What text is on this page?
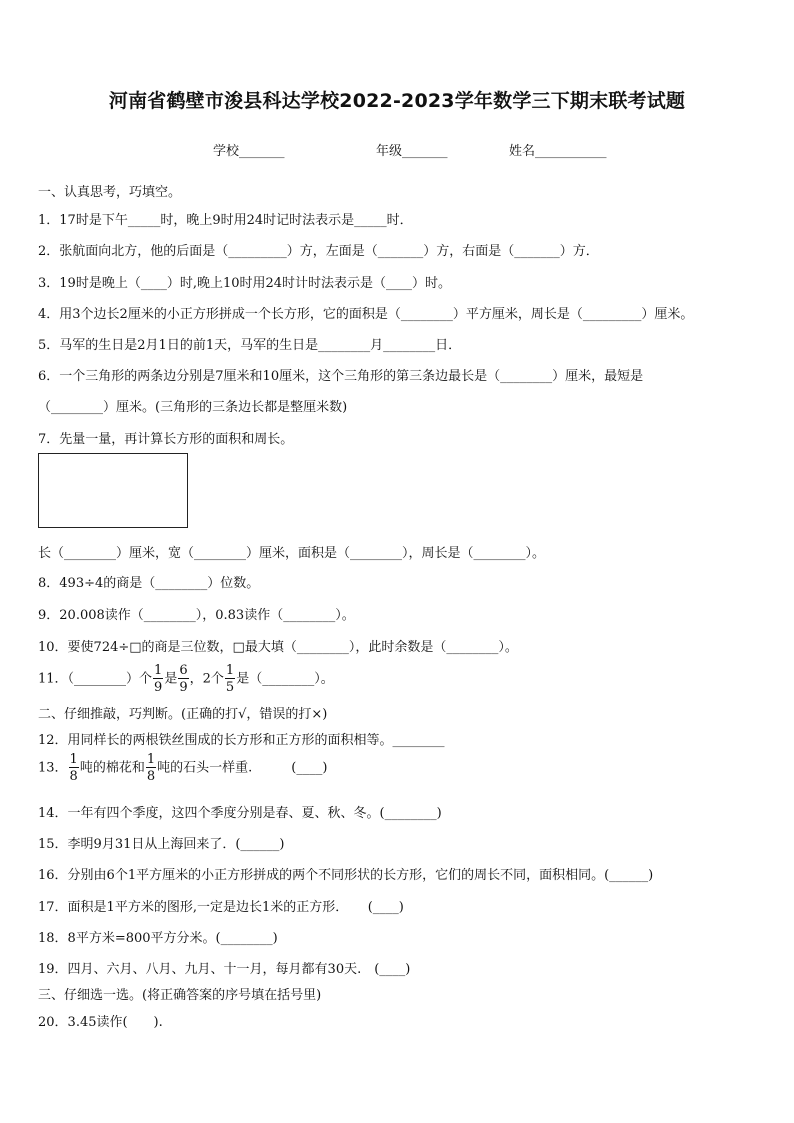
河南省鹤壁市浚县科达学校2022-2023学年数学三下期末联考试题
学校_______	年级_______	姓名___________
一、认真思考，巧填空。
1．17时是下午_____时，晚上9时用24时记时法表示是_____时．
2．张航面向北方，他的后面是（_________）方，左面是（_______）方，右面是（_______）方．
3．19时是晚上（____）时,晚上10时用24时计时法表示是（____）时。
4．用3个边长2厘米的小正方形拼成一个长方形，它的面积是（________）平方厘米，周长是（_________）厘米。
5．马军的生日是2月1日的前1天，马军的生日是________月________日．
6．一个三角形的两条边分别是7厘米和10厘米，这个三角形的第三条边最长是（________）厘米，最短是
（________）厘米。(三角形的三条边长都是整厘米数)
7．先量一量，再计算长方形的面积和周长。
长（________）厘米，宽（________）厘米，面积是（________），周长是（________）。
8．493÷4的商是（________）位数。
9．20.008读作（________），0.83读作（________）。
10．要使724÷□的商是三位数，□最大填（________），此时余数是（________）。
11．（________）个 $\frac{1}{9}$ 是 $\frac{6}{9}$ ，2个 $\frac{1}{5}$ 是（________）。
二、仔细推敲，巧判断。(正确的打√，错误的打×)
12．用同样长的两根铁丝围成的长方形和正方形的面积相等。________
13． $\frac{1}{8}$ 吨的棉花和 $\frac{1}{8}$ 吨的石头一样重.　　　(____)
14．一年有四个季度，这四个季度分别是春、夏、秋、冬。(________)
15．李明9月31日从上海回来了．(______)
16．分别由6个1平方厘米的小正方形拼成的两个不同形状的长方形，它们的周长不同，面积相同。(______)
17．面积是1平方米的图形,一定是边长1米的正方形．　　(____)
18．8平方米=800平方分米。(________)
19．四月、六月、八月、九月、十一月，每月都有30天.　(____)
三、仔细选一选。(将正确答案的序号填在括号里)
20．3.45读作(　　).
